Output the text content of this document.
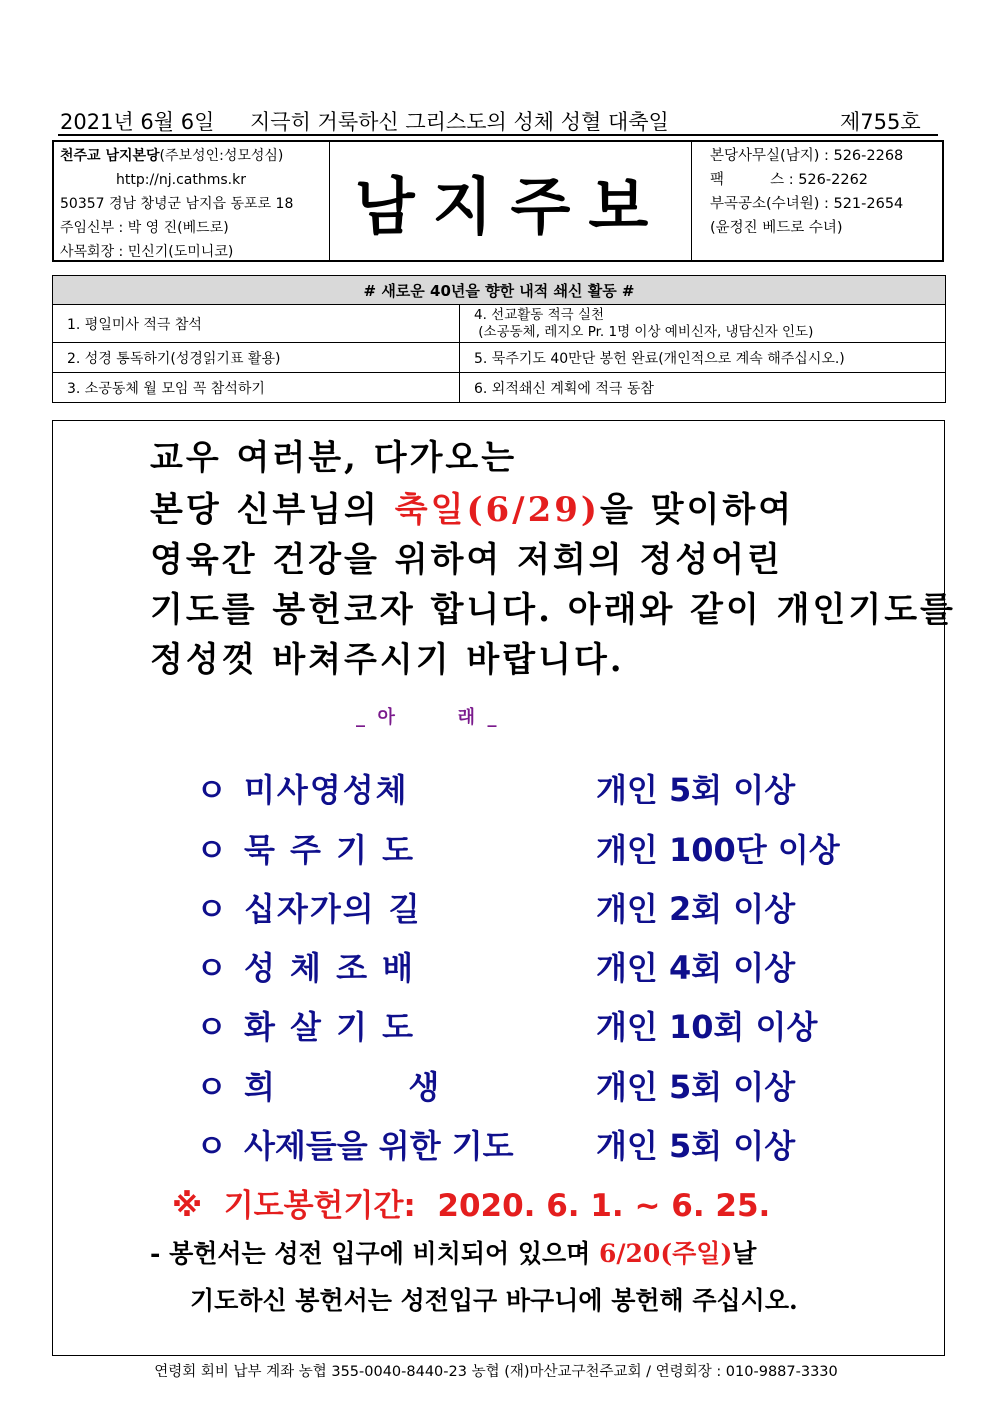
2021년 6월 6일 지극히 거룩하신 그리스도의 성체 성혈 대축일	제755호
천주교 남지본당(주보성인:성모성심)
http://nj.cathms.kr
50357 경남 창녕군 남지읍 동포로 18
주임신부 : 박 영 진(베드로)
사목회장 : 민신기(도미니코)
남지주보
본당사무실(남지) : 526-2268
팩          스 : 526-2262
부곡공소(수녀원) : 521-2654
(윤정진 베드로 수녀)
# 새로운 40년을 향한 내적 쇄신 활동 #	
1. 평일미사 적극 참석	4. 선교활동 적극 실천
(소공동체, 레지오 Pr. 1명 이상 예비신자, 냉담신자 인도)

2. 성경 통독하기(성경읽기표 활용)	5. 묵주기도 40만단 봉헌 완료(개인적으로 계속 해주십시오.)
3. 소공동체 월 모임 꼭 참석하기	6. 외적쇄신 계획에 적극 동참
교우 여러분, 다가오는
본당 신부님의 축일(6/29)을 맞이하여
영육간 건강을 위하여 저희의 정성어린
기도를 봉헌코자 합니다. 아래와 같이 개인기도를
정성껏 바쳐주시기 바랍니다.
_  아          래  _
ㅇ 미사영성체	개인 5회 이상
ㅇ 묵 주 기 도	개인 100단 이상
ㅇ 십자가의 길	개인 2회 이상
ㅇ 성 체 조 배	개인 4회 이상
ㅇ 화 살 기 도	개인 10회 이상
ㅇ 희          생	개인 5회 이상
ㅇ 사제들을 위한 기도	개인 5회 이상
※  기도봉헌기간:  2020. 6. 1. ~ 6. 25.
- 봉헌서는 성전 입구에 비치되어 있으며 6/20(주일)날
기도하신 봉헌서는 성전입구 바구니에 봉헌해 주십시오.
연령회 회비 납부 계좌 농협 355-0040-8440-23 농협 (재)마산교구천주교회 / 연령회장 : 010-9887-3330
